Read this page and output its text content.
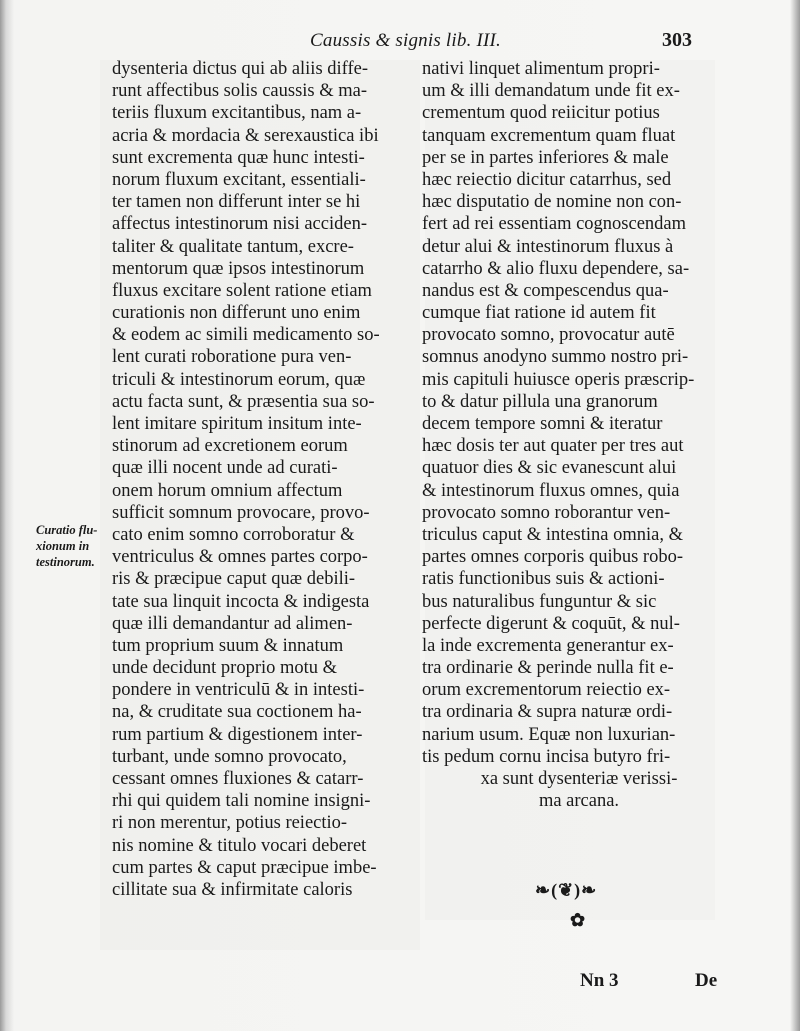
Caussis & signis lib. III.	303
Curatio flu-
xionum in
testinorum.
dysenteria dictus qui ab aliis diffe-
runt affectibus solis caussis & ma-
teriis fluxum excitantibus, nam a-
acria & mordacia & serexaustica ibi
sunt excrementa quæ hunc intesti-
norum fluxum excitant, essentiali-
ter tamen non differunt inter se hi
affectus intestinorum nisi acciden-
taliter & qualitate tantum, excre-
mentorum quæ ipsos intestinorum
fluxus excitare solent ratione etiam
curationis non differunt uno enim
& eodem ac simili medicamento so-
lent curati roboratione pura ven-
triculi & intestinorum eorum, quæ
actu facta sunt, & præsentia sua so-
lent imitare spiritum insitum inte-
stinorum ad excretionem eorum
quæ illi nocent unde ad curati-
onem horum omnium affectum
sufficit somnum provocare, provo-
cato enim somno corroboratur &
ventriculus & omnes partes corpo-
ris & præcipue caput quæ debili-
tate sua linquit incocta & indigesta
quæ illi demandantur ad alimen-
tum proprium suum & innatum
unde decidunt proprio motu &
pondere in ventriculū & in intesti-
na, & cruditate sua coctionem ha-
rum partium & digestionem inter-
turbant, unde somno provocato,
cessant omnes fluxiones & catarr-
rhi qui quidem tali nomine insigni-
ri non merentur, potius reiectio-
nis nomine & titulo vocari deberet
cum partes & caput præcipue imbe-
cillitate sua & infirmitate caloris
nativi linquet alimentum propri-
um & illi demandatum unde fit ex-
crementum quod reiicitur potius
tanquam excrementum quam fluat
per se in partes inferiores & male
hæc reiectio dicitur catarrhus, sed
hæc disputatio de nomine non con-
fert ad rei essentiam cognoscendam
detur alui & intestinorum fluxus à
catarrho & alio fluxu dependere, sa-
nandus est & compescendus qua-
cumque fiat ratione id autem fit
provocato somno, provocatur autē
somnus anodyno summo nostro pri-
mis capituli huiusce operis præscrip-
to & datur pillula una granorum
decem tempore somni & iteratur
hæc dosis ter aut quater per tres aut
quatuor dies & sic evanescunt alui
& intestinorum fluxus omnes, quia
provocato somno roborantur ven-
triculus caput & intestina omnia, &
partes omnes corporis quibus robo-
ratis functionibus suis & actioni-
bus naturalibus funguntur & sic
perfecte digerunt & coquūt, & nul-
la inde excrementa generantur ex-
tra ordinarie & perinde nulla fit e-
orum excrementorum reiectio ex-
tra ordinaria & supra naturæ ordi-
narium usum. Equæ non luxurian-
tis pedum cornu incisa butyro fri-
xa sunt dysenteriæ verissi-
ma arcana.
❧(❦)❧
✿
Nn 3	De
